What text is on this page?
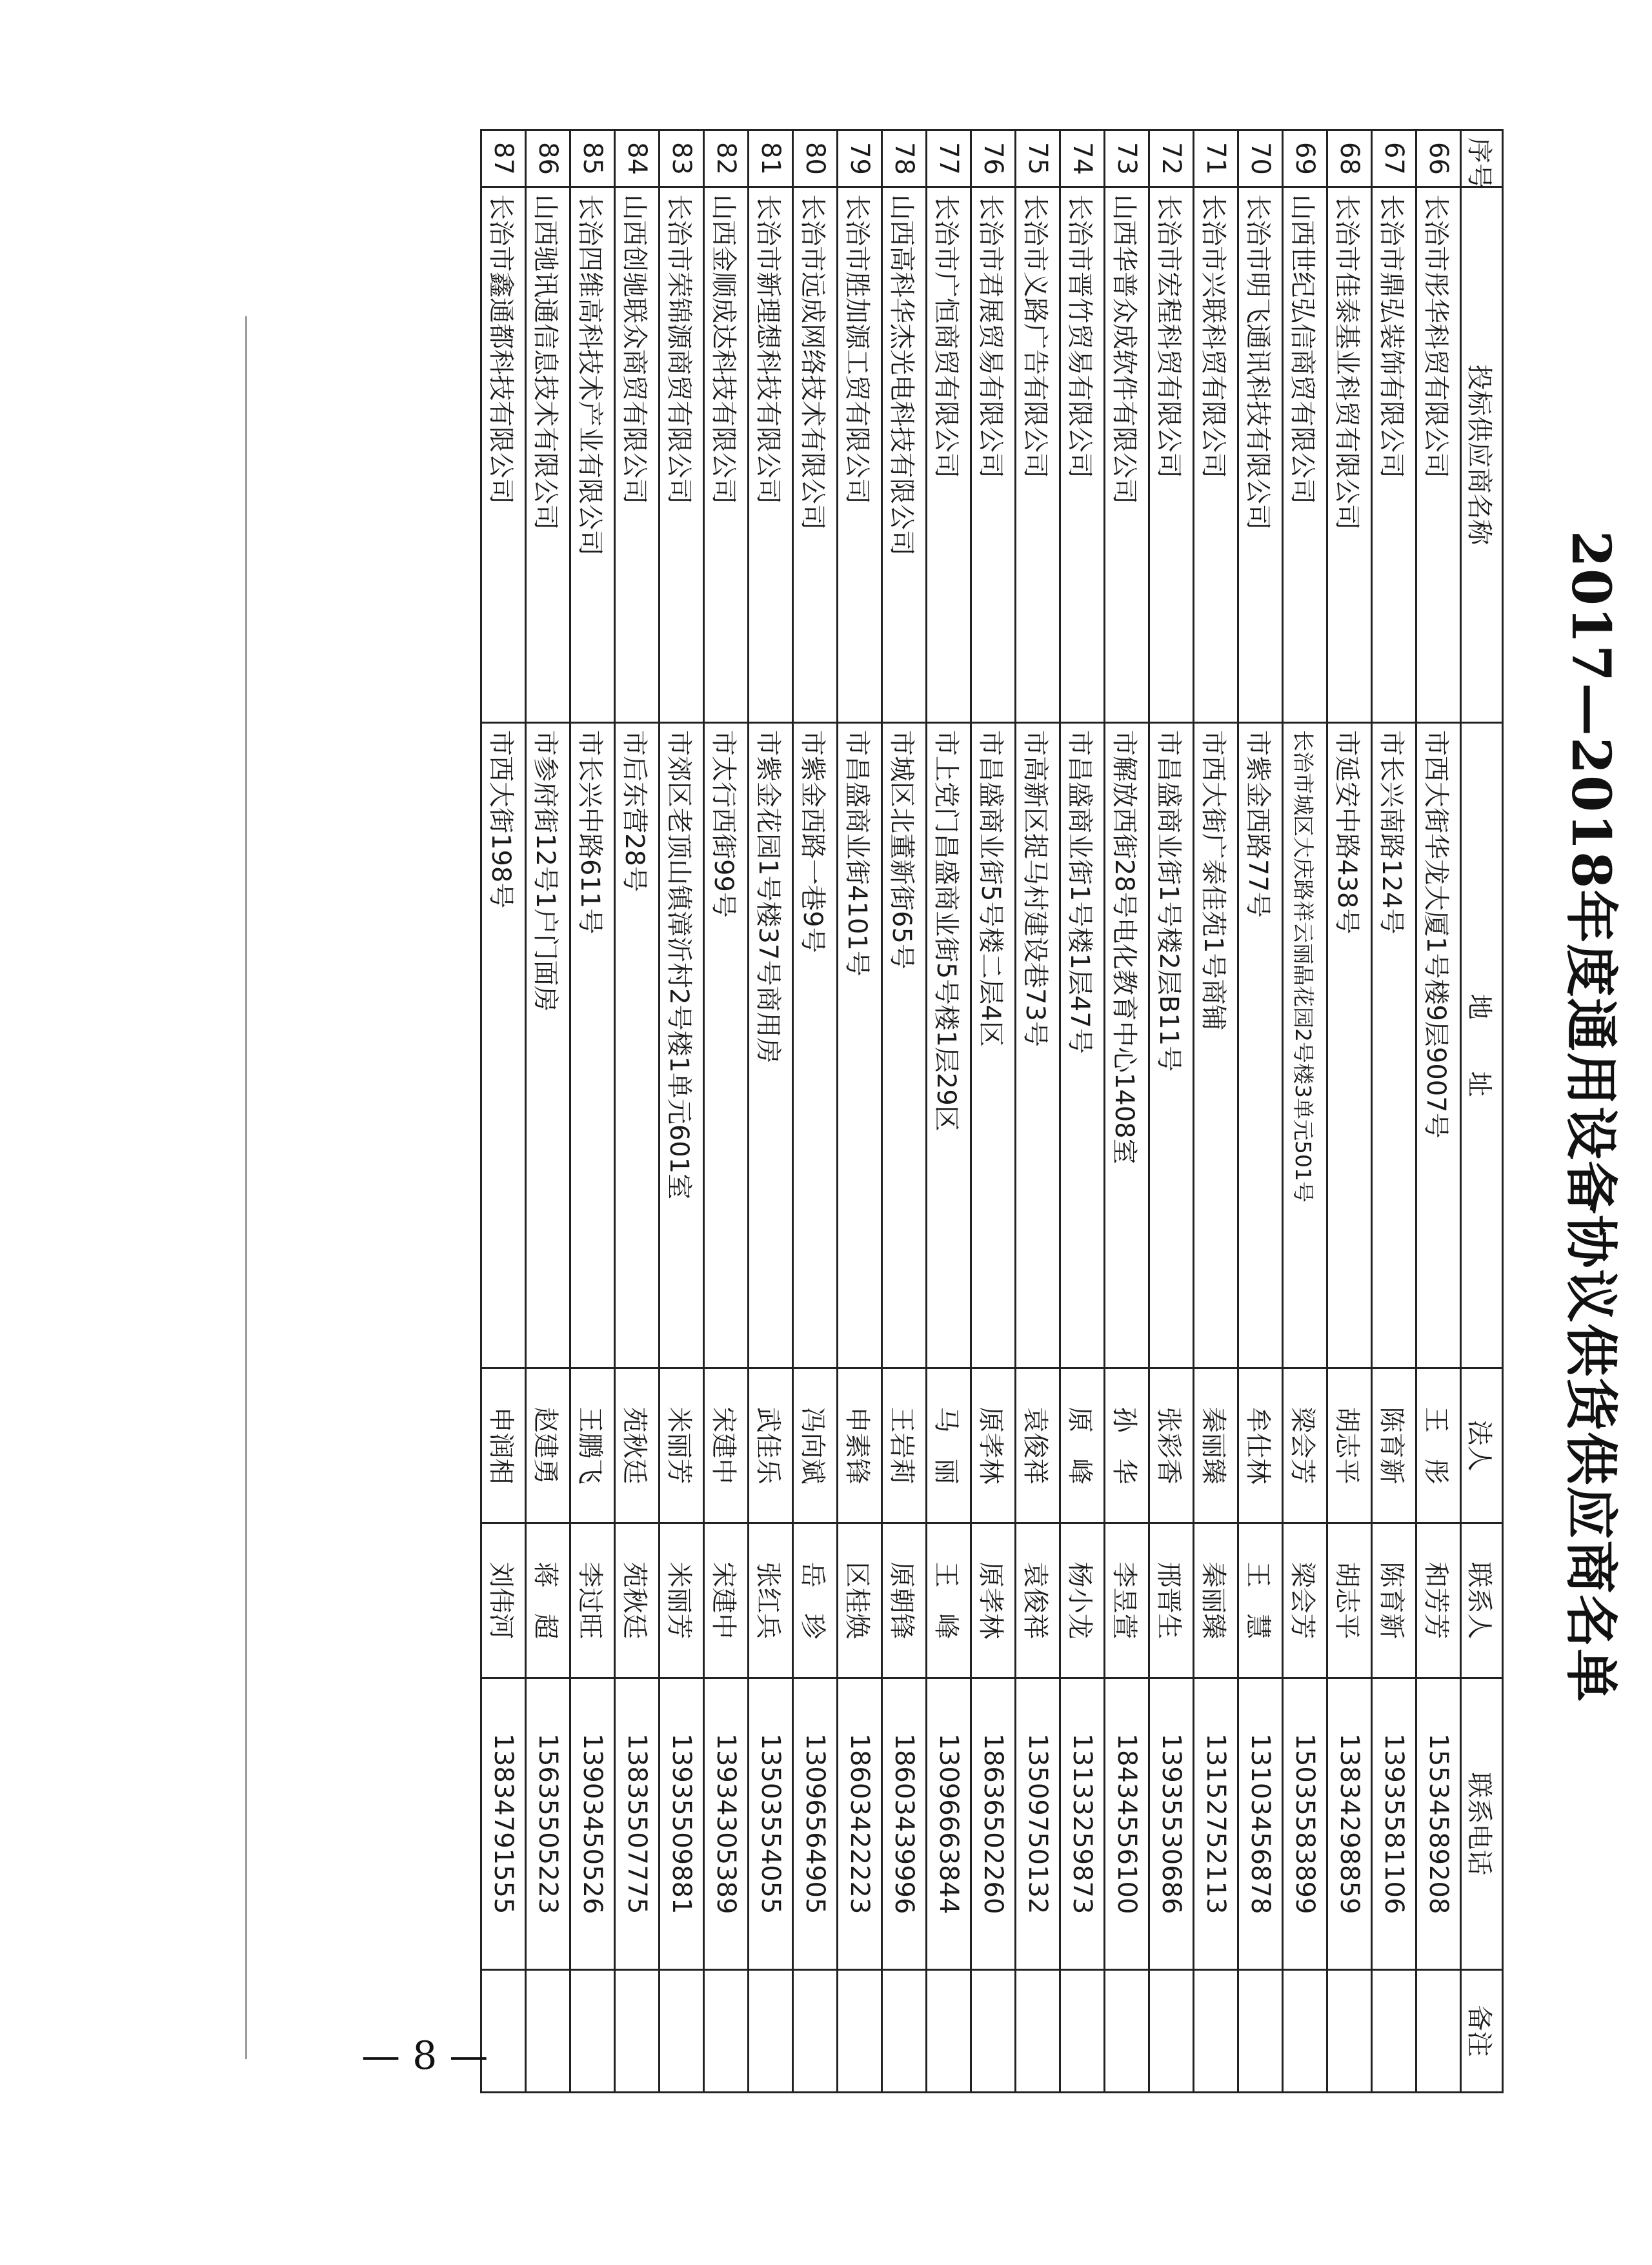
2017—2018年度通用设备协议供货供应商名单
序号	投标供应商名称	地　　址	法人	联系人	联系电话	备注
66	长治市彤华科贸有限公司	市西大街华龙大厦1号楼9层9007号	王　彤	和芳芳	15534589208	
67	长治市鼎弘装饰有限公司	市长兴南路124号	陈育新	陈育新	13935581106	
68	长治市佳泰基业科贸有限公司	市延安中路438号	胡志平	胡志平	13834298859	
69	山西世纪弘信商贸有限公司	长治市城区大庆路祥云丽晶花园2号楼3单元501号	梁会芳	梁会芳	15035583899	
70	长治市明飞通讯科技有限公司	市紫金西路77号	牟仕林	王　慧	13103456878	
71	长治市兴联科贸有限公司	市西大街广泰佳苑1号商铺	秦丽臻	秦丽臻	13152752113	
72	长治市宏程科贸有限公司	市昌盛商业街1号楼2层B11号	张彩香	邢晋生	13935530686	
73	山西华普众成软件有限公司	市解放西街28号电化教育中心1408室	孙　华	李昱萱	18434556100	
74	长治市晋竹贸易有限公司	市昌盛商业街1号楼1层47号	原　峰	杨小龙	13133259873	
75	长治市义路广告有限公司	市高新区捉马村建设巷73号	袁俊祥	袁俊祥	13509750132	
76	长治市君展贸易有限公司	市昌盛商业街5号楼二层4区	原孝林	原孝林	18636502260	
77	长治市广恒商贸有限公司	市上党门昌盛商业街5号楼1层29区	马　丽	王　峰	13096663844	
78	山西高科华杰光电科技有限公司	市城区北董新街65号	王岩莉	原朝锋	18603439996	
79	长治市胜加源工贸有限公司	市昌盛商业街4101号	申素锋	区桂焕	18603422223	
80	长治市远成网络技术有限公司	市紫金西路一巷9号	冯向斌	岳　珍	13096564905	
81	长治市新理想科技有限公司	市紫金花园1号楼37号商用房	武佳乐	张红兵	13503554055	
82	山西金顺成达科技有限公司	市太行西街99号	宋建中	宋建中	13934305389	
83	长治市荣锦源商贸有限公司	市郊区老顶山镇漳沂村2号楼1单元601室	米丽芳	米丽芳	13935509881	
84	山西创驰联众商贸有限公司	市后东营28号	苑秋廷	苑秋廷	13835507775	
85	长治四维高科技术产业有限公司	市长兴中路611号	王鹏飞	李过旺	13903450526	
86	山西驰讯通信息技术有限公司	市参府街12号1户门面房	赵建勇	蒋　超	15635505223	
87	长治市鑫通都科技有限公司	市西大街198号	申润相	刘伟河	13834791555	
— 8 —
